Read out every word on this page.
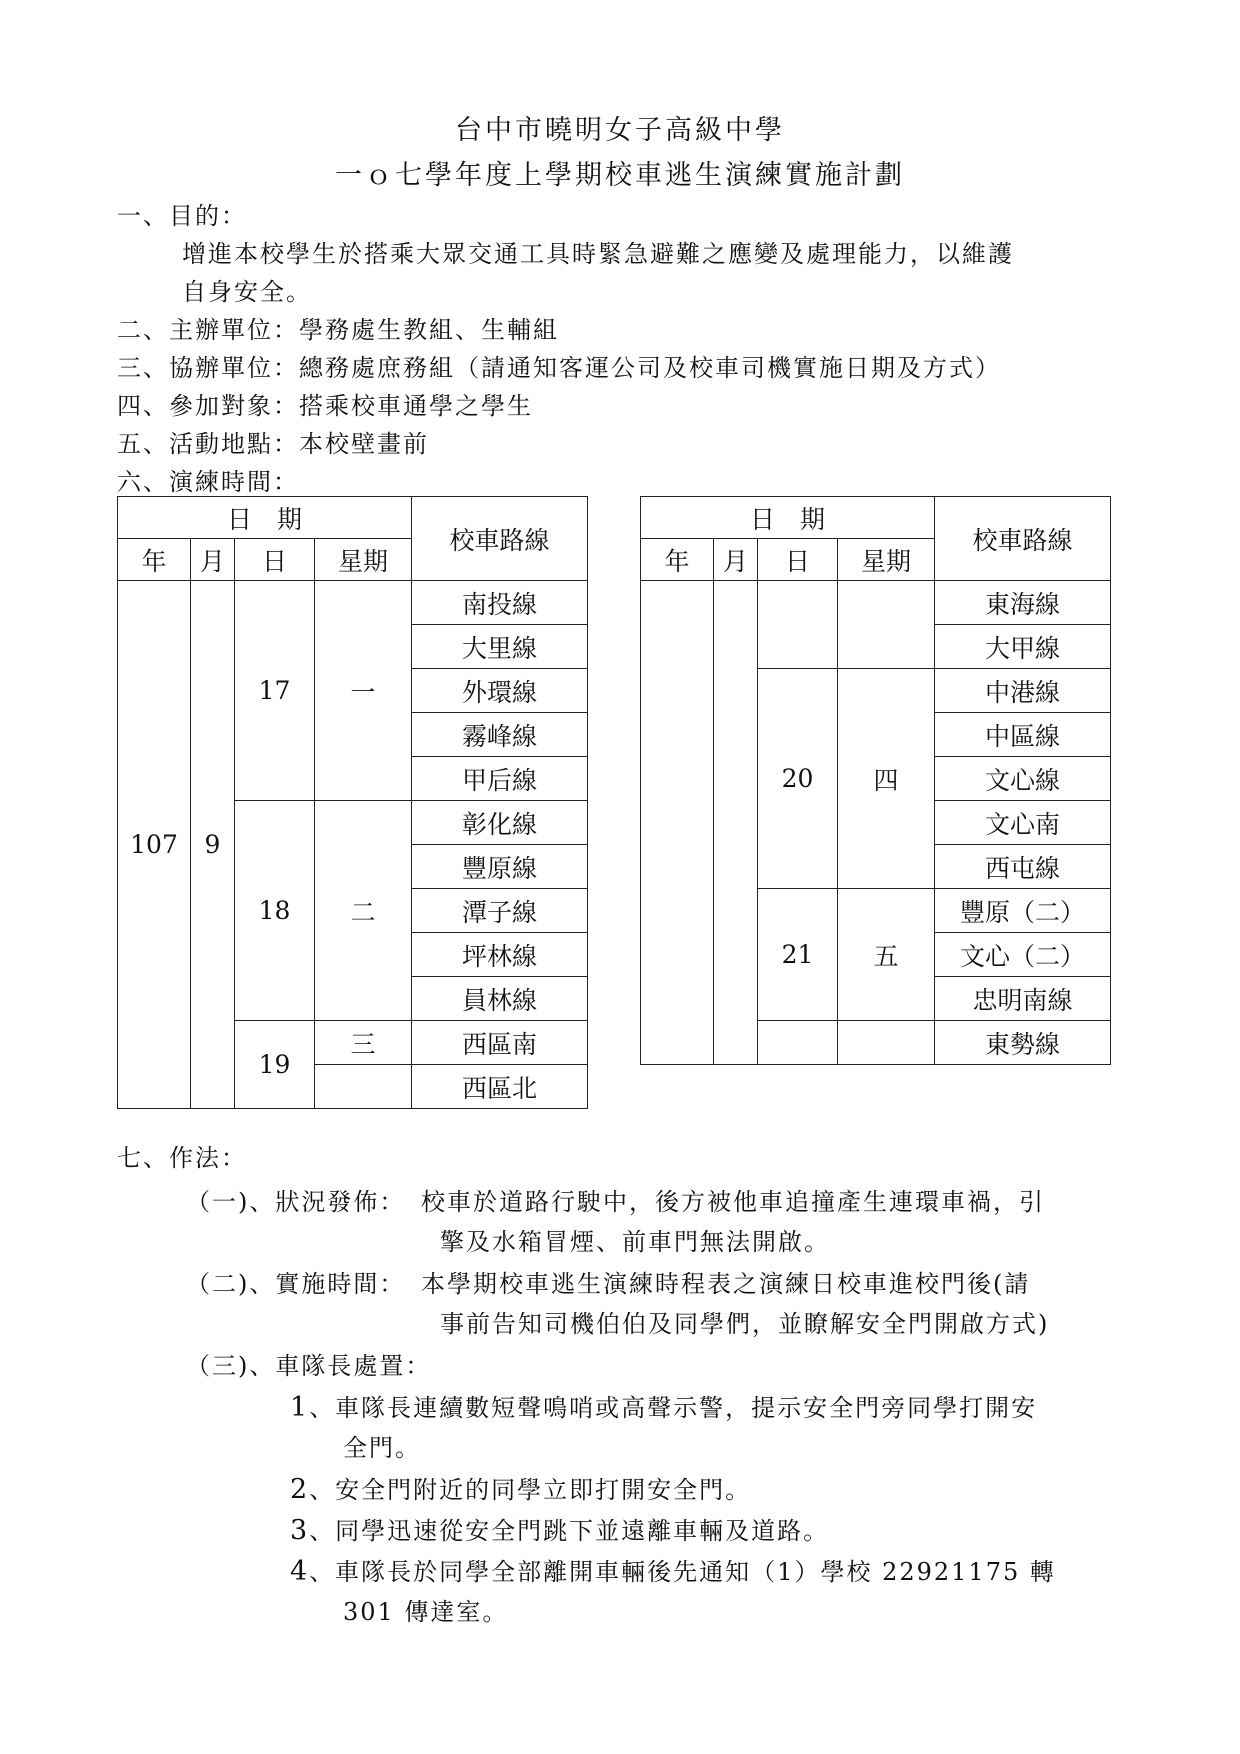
台中市曉明女子高級中學
一ｏ七學年度上學期校車逃生演練實施計劃
一、目的：
增進本校學生於搭乘大眾交通工具時緊急避難之應變及處理能力，以維護
自身安全。
二、主辦單位：學務處生教組、生輔組
三、協辦單位：總務處庶務組（請通知客運公司及校車司機實施日期及方式）
四、參加對象：搭乘校車通學之學生
五、活動地點：本校壁畫前
六、演練時間：
日　期				校車路線
年	月	日	星期	
107	9	17	一	南投線
				大里線
				外環線
				霧峰線
				甲后線
		18	二	彰化線
				豐原線
				潭子線
				坪林線
				員林線
		19	三	西區南
				西區北
日　期				校車路線
年	月	日	星期	
				東海線
				大甲線
		20	四	中港線
				中區線
				文心線
				文心南
				西屯線
		21	五	豐原（二）
				文心（二）
				忠明南線
				東勢線
七、作法：
（一)、狀況發佈： 校車於道路行駛中，後方被他車追撞產生連環車禍，引
擎及水箱冒煙、前車門無法開啟。
（二)、實施時間： 本學期校車逃生演練時程表之演練日校車進校門後(請
事前告知司機伯伯及同學們，並瞭解安全門開啟方式)
（三)、車隊長處置：
1、車隊長連續數短聲鳴哨或高聲示警，提示安全門旁同學打開安
全門。
2、安全門附近的同學立即打開安全門。
3、同學迅速從安全門跳下並遠離車輛及道路。
4、車隊長於同學全部離開車輛後先通知（1）學校 22921175 轉
301 傳達室。
